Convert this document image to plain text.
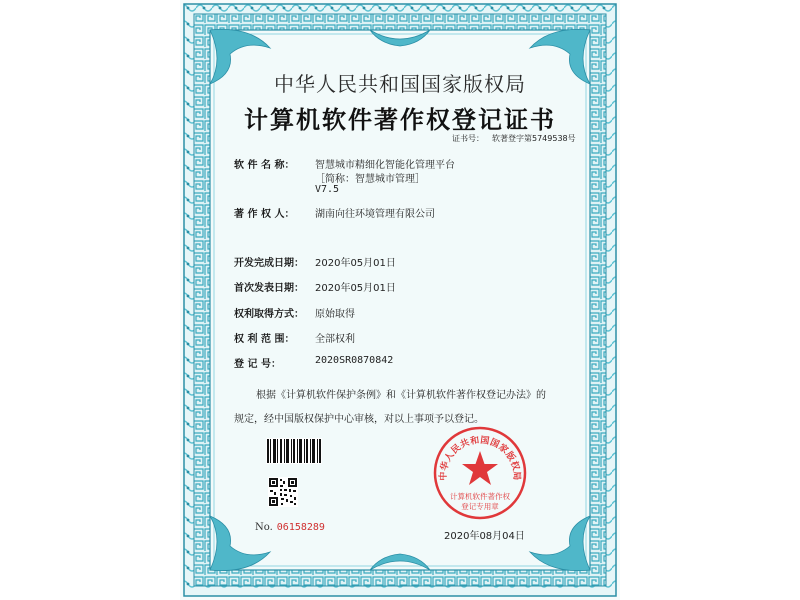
中华人民共和国国家版权局
计算机软件著作权登记证书
证书号： 软著登字第5749538号
软 件 名 称： 智慧城市精细化智能化管理平台
［简称：智慧城市管理］
V7.5
著 作 权 人： 湖南向往环境管理有限公司
开发完成日期： 2020年05月01日
首次发表日期： 2020年05月01日
权利取得方式： 原始取得
权 利 范 围： 全部权利
登 记 号：	2020SR0870842
根据《计算机软件保护条例》和《计算机软件著作权登记办法》的
规定，经中国版权保护中心审核，对以上事项予以登记。
No. 06158289
中华人民共和国国家版权局
计算机软件著作权
登记专用章
2020年08月04日
